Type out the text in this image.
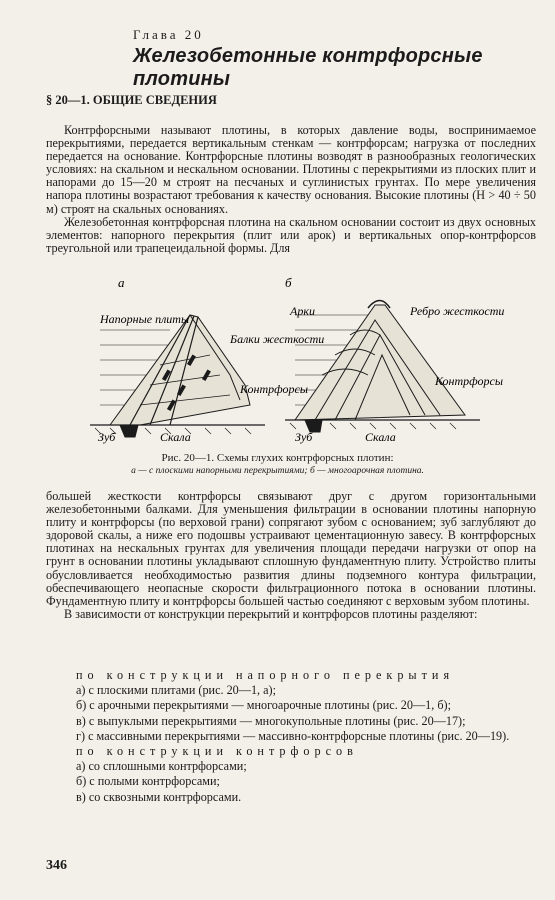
Глава 20
Железобетонные контрфорсные плотины
§ 20—1. ОБЩИЕ СВЕДЕНИЯ

Контрфорсными называют плотины, в которых давление воды, воспринимаемое перекрытиями, передается вертикальным стенкам — контрфорсам; нагрузка от последних передается на основание. Контрфорсные плотины возводят в разнообразных геологических условиях: на скальном и нескальном основании. Плотины с перекрытиями из плоских плит и напорами до 15—20 м строят на песчаных и суглинистых грунтах. По мере увеличения напора плотины возрастают требования к качеству основания. Высокие плотины (H > 40 ÷ 50 м) строят на скальных основаниях.

Железобетонная контрфорсная плотина на скальном основании состоит из двух основных элементов: напорного перекрытия (плит или арок) и вертикальных опор-контрфорсов треугольной или трапецеидальной формы. Для

а	б
Напорные плиты
Балки жесткости
Контрфорсы
Зуб	Скала
Арки	Ребро жесткости
Контрфорсы
Зуб	Скала
Рис. 20—1. Схемы глухих контрфорсных плотин:
а — с плоскими напорными перекрытиями; б — многоарочная плотина.

большей жесткости контрфорсы связывают друг с другом горизонтальными железобетонными балками. Для уменьшения фильтрации в основании плотины напорную плиту и контрфорсы (по верховой грани) сопрягают зубом с основанием; зуб заглубляют до здоровой скалы, а ниже его подошвы устраивают цементационную завесу. В контрфорсных плотинах на нескальных грунтах для увеличения площади передачи нагрузки от опор на грунт в основании плотины укладывают сплошную фундаментную плиту. Устройство плиты обусловливается необходимостью развития длины подземного контура фильтрации, обеспечивающего неопасные скорости фильтрационного потока в основании плотины. Фундаментную плиту и контрфорсы большей частью соединяют с верховым зубом плотины.

В зависимости от конструкции перекрытий и контрфорсов плотины разделяют:

по конструкции напорного перекрытия
а) с плоскими плитами (рис. 20—1, а);
б) с арочными перекрытиями — многоарочные плотины (рис. 20—1, б);
в) с выпуклыми перекрытиями — многокупольные плотины (рис. 20—17);
г) с массивными перекрытиями — массивно-контрфорсные плотины (рис. 20—19).
по конструкции контрфорсов
а) со сплошными контрфорсами;
б) с полыми контрфорсами;
в) со сквозными контрфорсами.
346
